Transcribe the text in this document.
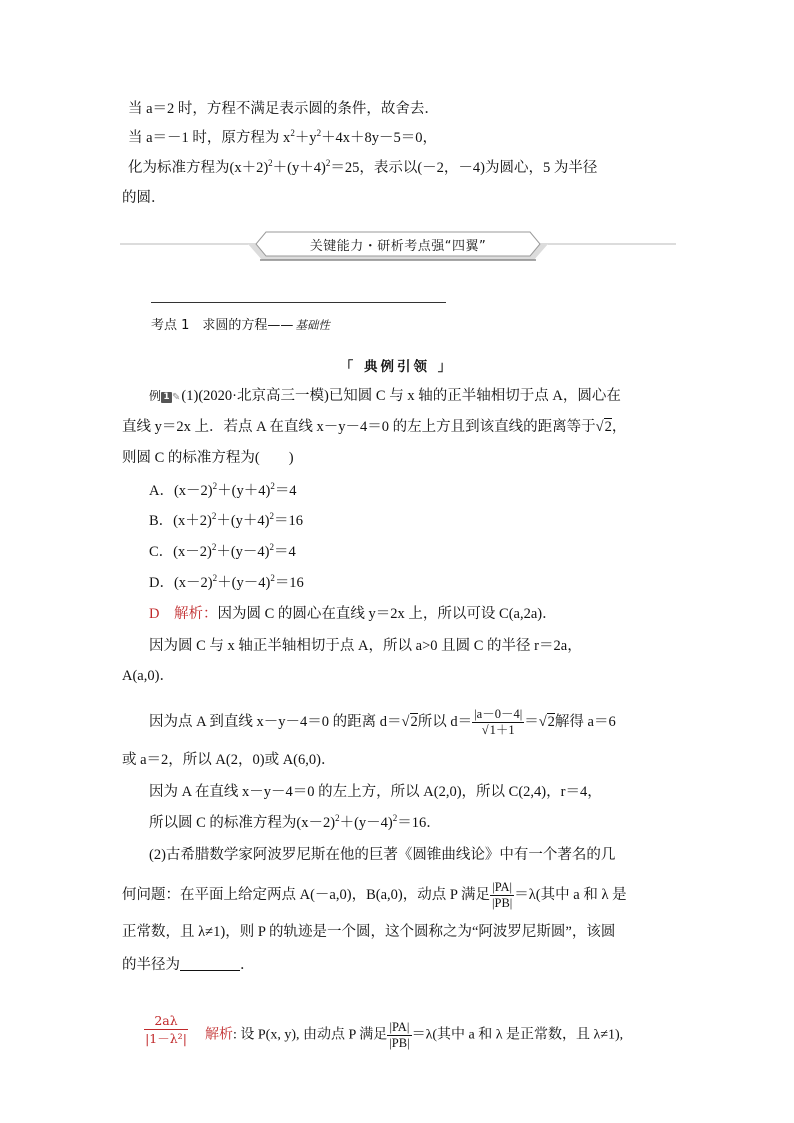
当 a＝2 时，方程不满足表示圆的条件，故舍去．
当 a＝－1 时，原方程为 $x^2+y^2+4x+8y-5=0$，
化为标准方程为$(x+2)^2+(y+4)^2=25$，表示以(－2，－4)为圆心，5 为半径
的圆．
关键能力・研析考点强“四翼”
考点 1　求圆的方程—— 基础性
「 典例引领 」
例 1 ✎(1)(2020·北京高三一模)已知圆 C 与 x 轴的正半轴相切于点 A，圆心在
直线 y＝2x 上．若点 A 在直线 x－y－4＝0 的左上方且到该直线的距离等于√2，
则圆 C 的标准方程为(　　)
A．$(x-2)^2+(y+4)^2=4$
B．$(x+2)^2+(y+4)^2=16$
C．$(x-2)^2+(y-4)^2=4$
D．$(x-2)^2+(y-4)^2=16$
D　 解析：因为圆 C 的圆心在直线 y＝2x 上，所以可设 C(a,2a)．
因为圆 C 与 x 轴正半轴相切于点 A，所以 a>0 且圆 C 的半径 r＝2a，
A(a,0)．
因为点 A 到直线 x－y－4＝0 的距离 d＝√2所以 $d= \frac{|a-0-4|}{√1+1} =√2$解得 a＝6
或 a＝2，所以 A(2，0)或 A(6,0)．
因为 A 在直线 x－y－4＝0 的左上方，所以 A(2,0)，所以 C(2,4)，r＝4，
所以圆 C 的标准方程为$(x-2)^2+(y-4)^2=16$．
(2)古希腊数学家阿波罗尼斯在他的巨著《圆锥曲线论》中有一个著名的几
何问题：在平面上给定两点 A(－a,0)，B(a,0)，动点 P 满足 $\frac{|PA|}{|PB|} =\lambda$(其中 a 和 λ 是
正常数，且 λ≠1)，则 P 的轨迹是一个圆，这个圆称之为“阿波罗尼斯圆”，该圆
的半径为	．
$\frac{2a\lambda}{\text{|1－λ²|}}$ 解析: 设 P(x, y), 由动点 P 满足 $\frac{|PA|}{|PB|} =\lambda$(其中 a 和 λ 是正常数，且 λ≠1),
